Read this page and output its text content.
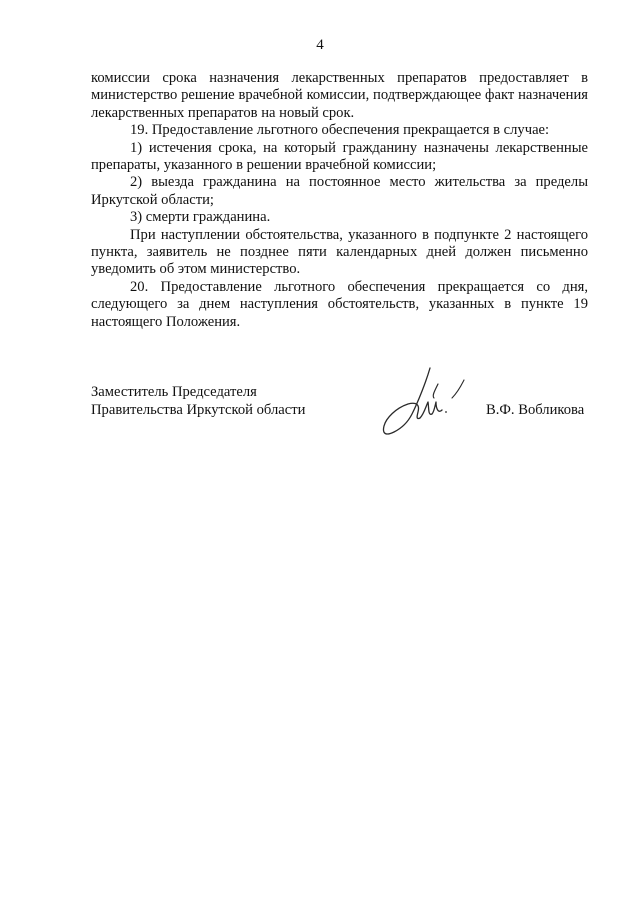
4

комиссии срока назначения лекарственных препаратов предоставляет в министерство решение врачебной комиссии, подтверждающее факт назначения лекарственных препаратов на новый срок.

19. Предоставление льготного обеспечения прекращается в случае:

1) истечения срока, на который гражданину назначены лекарственные препараты, указанного в решении врачебной комиссии;

2) выезда гражданина на постоянное место жительства за пределы Иркутской области;

3) смерти гражданина.

При наступлении обстоятельства, указанного в подпункте 2 настоящего пункта, заявитель не позднее пяти календарных дней должен письменно уведомить об этом министерство.

20. Предоставление льготного обеспечения прекращается со дня, следующего за днем наступления обстоятельств, указанных в пункте 19 настоящего Положения.

Заместитель Председателя
Правительства Иркутской области	В.Ф. Вобликова
